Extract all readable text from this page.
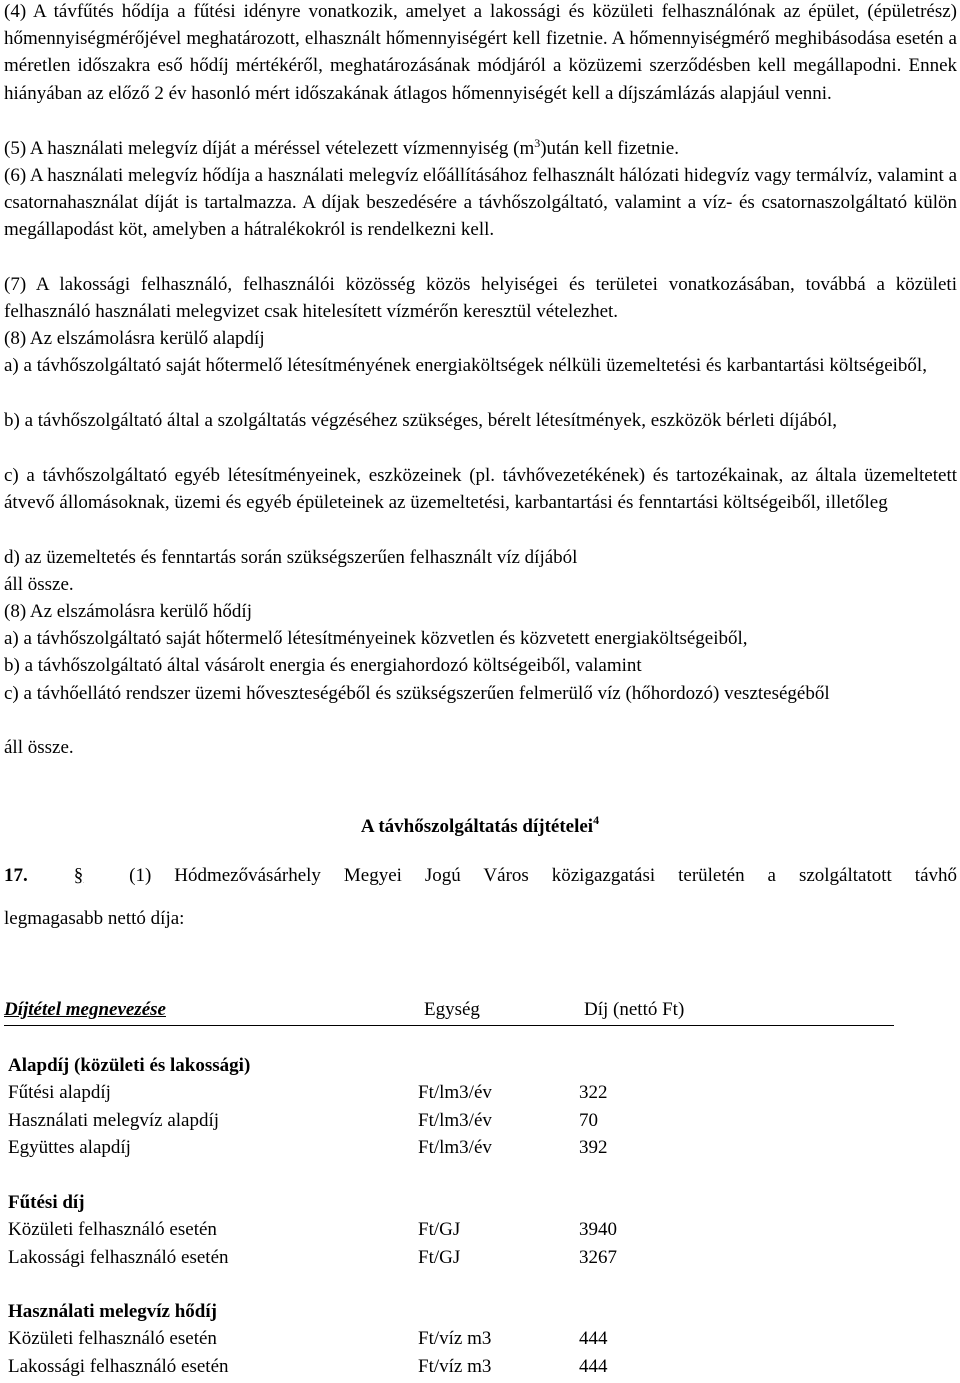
(4) A távfűtés hődíja a fűtési idényre vonatkozik, amelyet a lakossági és közületi felhasználónak az épület, (épületrész) hőmennyiségmérőjével meghatározott, elhasznált hőmennyiségért kell fizetnie. A hőmennyiségmérő meghibásodása esetén a méretlen időszakra eső hődíj mértékéről, meghatározásának módjáról a közüzemi szerződésben kell megállapodni. Ennek hiányában az előző 2 év hasonló mért időszakának átlagos hőmennyiségét kell a díjszámlázás alapjául venni.

(5) A használati melegvíz díját a méréssel vételezett vízmennyiség $(m^3)után$ kell fizetnie.

(6) A használati melegvíz hődíja a használati melegvíz előállításához felhasznált hálózati hidegvíz vagy termálvíz, valamint a csatornahasználat díját is tartalmazza. A díjak beszedésére a távhőszolgáltató, valamint a víz- és csatornaszolgáltató külön megállapodást köt, amelyben a hátralékokról is rendelkezni kell.

(7) A lakossági felhasználó, felhasználói közösség közös helyiségei és területei vonatkozásában, továbbá a közületi felhasználó használati melegvizet csak hitelesített vízmérőn keresztül vételezhet.

(8) Az elszámolásra kerülő alapdíj

a) a távhőszolgáltató saját hőtermelő létesítményének energiaköltségek nélküli üzemeltetési és karbantartási költségeiből,

b) a távhőszolgáltató által a szolgáltatás végzéséhez szükséges, bérelt létesítmények, eszközök bérleti díjából,

c) a távhőszolgáltató egyéb létesítményeinek, eszközeinek (pl. távhővezetékének) és tartozékainak, az általa üzemeltetett átvevő állomásoknak, üzemi és egyéb épületeinek az üzemeltetési, karbantartási és fenntartási költségeiből, illetőleg

d) az üzemeltetés és fenntartás során szükségszerűen felhasznált víz díjából
áll össze.
(8) Az elszámolásra kerülő hődíj
a) a távhőszolgáltató saját hőtermelő létesítményeinek közvetlen és közvetett energiaköltségeiből,
b) a távhőszolgáltató által vásárolt energia és energiahordozó költségeiből, valamint

c) a távhőellátó rendszer üzemi hőveszteségéből és szükségszerűen felmerülő víz (hőhordozó) veszteségéből

áll össze.
A távhőszolgáltatás díjtételei$^4$
17. § (1) Hódmezővásárhely Megyei Jogú Város közigazgatási területén a szolgáltatott távhő
legmagasabb nettó díja:
Díjtétel megnevezése	Egység	Díj (nettó Ft)
Alapdíj (közületi és lakossági)
Fűtési alapdíj	Ft/lm3/év	322
Használati melegvíz alapdíj	Ft/lm3/év	70
Együttes alapdíj	Ft/lm3/év	392
Fűtési díj
Közületi felhasználó esetén	Ft/GJ	3940
Lakossági felhasználó esetén	Ft/GJ	3267
Használati melegvíz hődíj
Közületi felhasználó esetén	Ft/víz m3	444
Lakossági felhasználó esetén	Ft/víz m3	444
